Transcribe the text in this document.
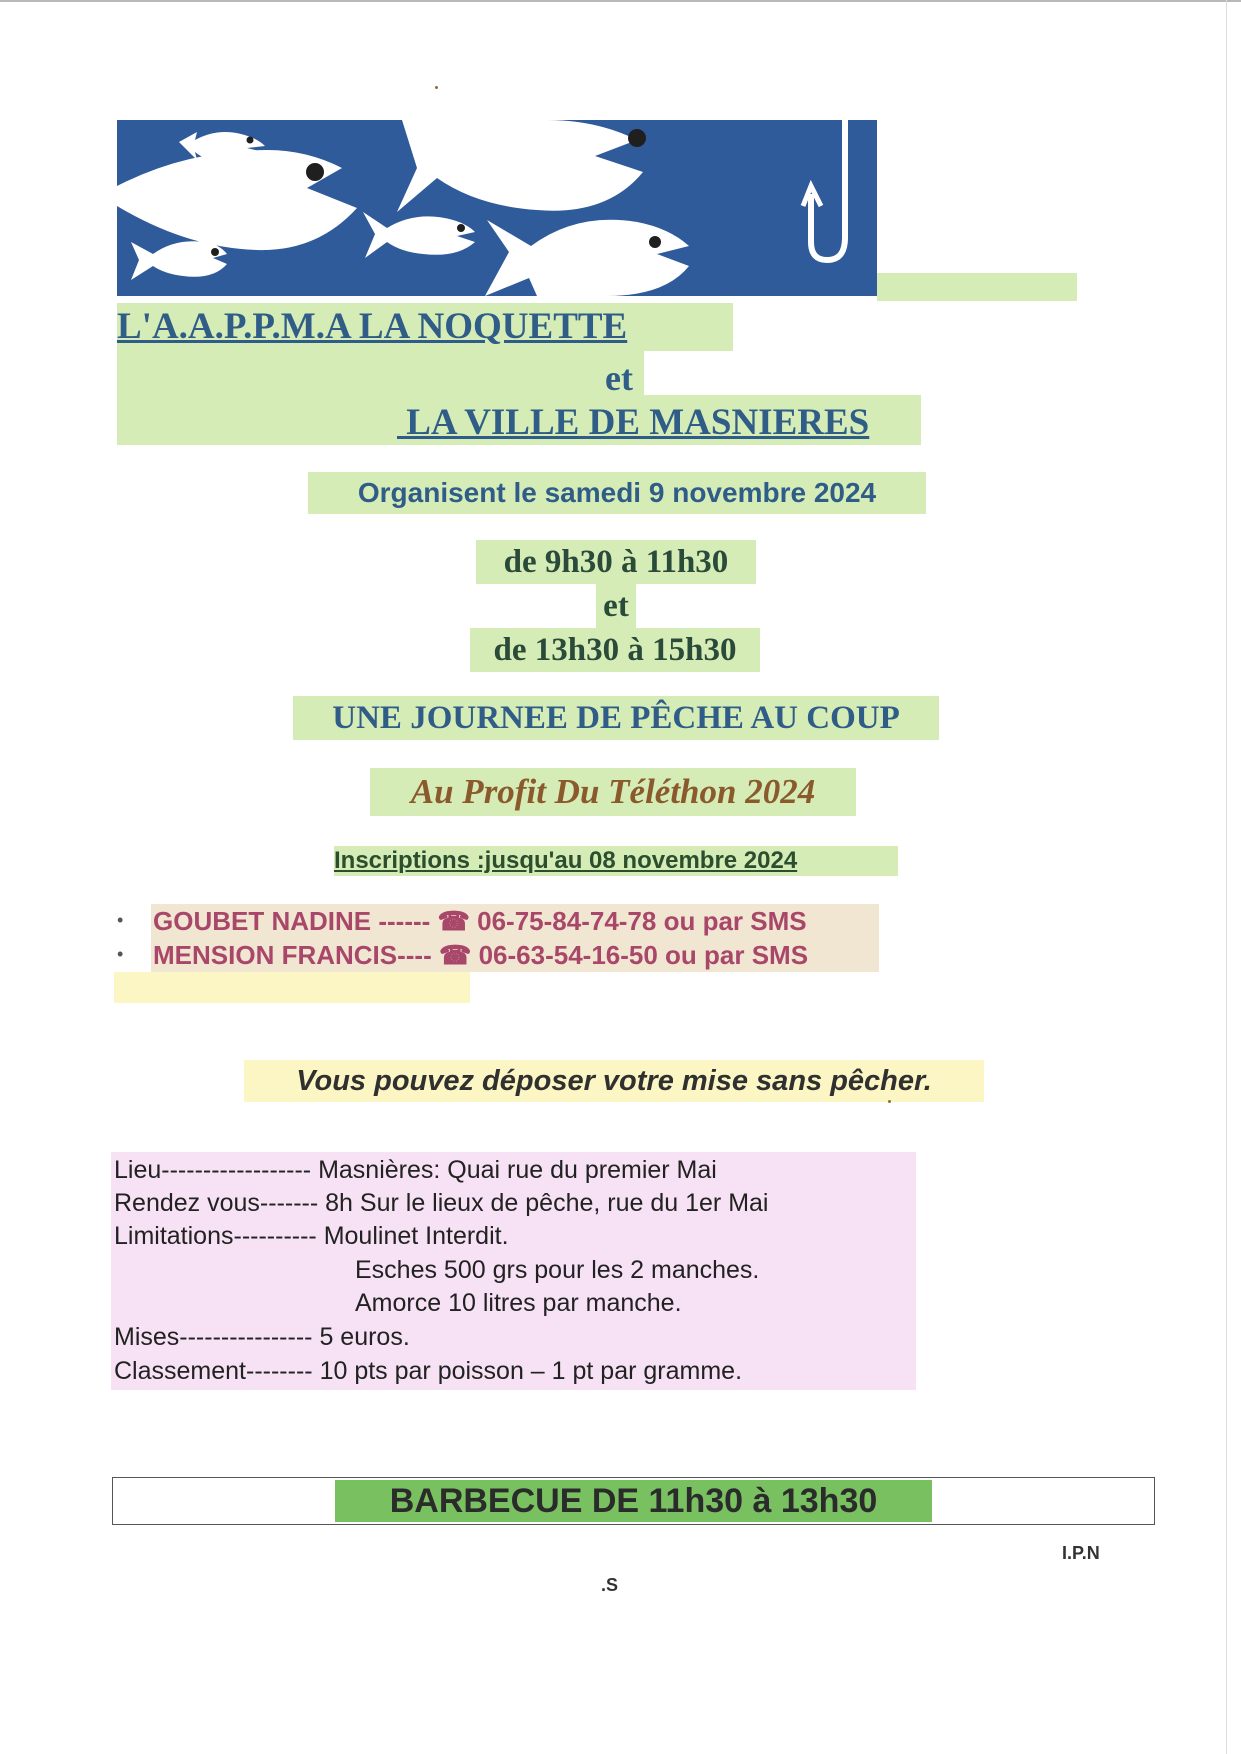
L'A.A.P.P.M.A LA NOQUETTE
et
LA VILLE DE MASNIERES
Organisent le samedi 9 novembre 2024
de 9h30 à 11h30
et
de 13h30 à 15h30
UNE JOURNEE DE PÊCHE AU COUP
Au Profit Du Téléthon 2024
Inscriptions :jusqu'au 08 novembre 2024
• GOUBET NADINE ------ ☎ 06-75-84-74-78 ou par SMS
• MENSION FRANCIS---- ☎ 06-63-54-16-50 ou par SMS
Vous pouvez déposer votre mise sans pêcher.
Lieu------------------ Masnières: Quai rue du premier Mai
Rendez vous------- 8h Sur le lieux de pêche, rue du 1er Mai
Limitations---------- Moulinet Interdit.
Esches 500 grs pour les 2 manches.
Amorce 10 litres par manche.
Mises---------------- 5 euros.
Classement-------- 10 pts par poisson – 1 pt par gramme.
BARBECUE DE 11h30 à 13h30
I.P.N
.S
